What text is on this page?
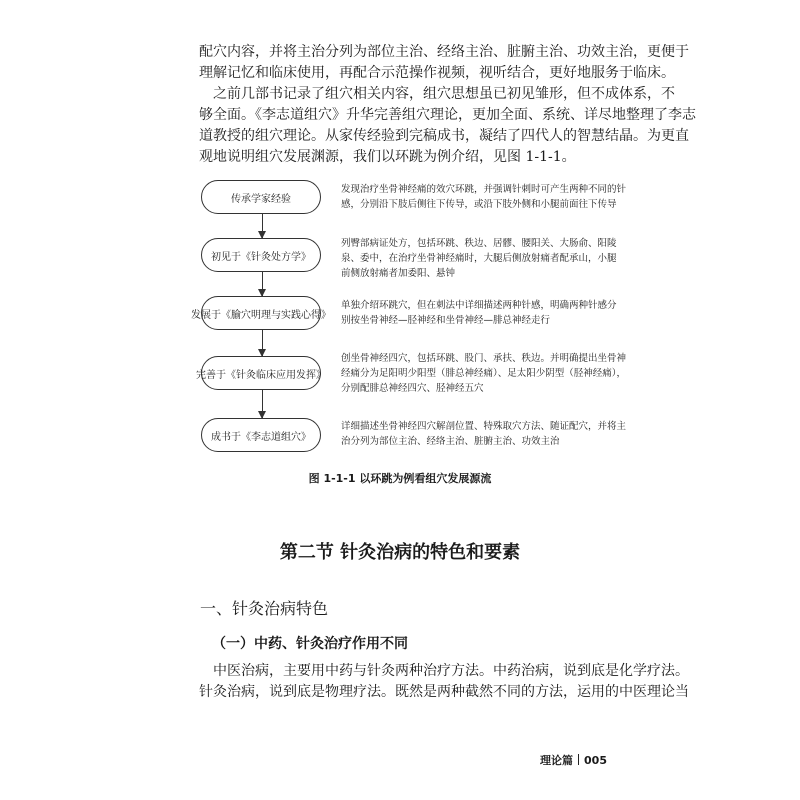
配穴内容，并将主治分列为部位主治、经络主治、脏腑主治、功效主治，更便于
理解记忆和临床使用，再配合示范操作视频，视听结合，更好地服务于临床。
之前几部书记录了组穴相关内容，组穴思想虽已初见雏形，但不成体系，不
够全面。《李志道组穴》升华完善组穴理论，更加全面、系统、详尽地整理了李志
道教授的组穴理论。从家传经验到完稿成书，凝结了四代人的智慧结晶。为更直
观地说明组穴发展渊源，我们以环跳为例介绍，见图 1-1-1。
传承学家经验
发现治疗坐骨神经痛的效穴环跳，并强调针刺时可产生两种不同的针
感，分别沿下肢后侧往下传导，或沿下肢外侧和小腿前面往下传导
初见于《针灸处方学》
列臀部病证处方，包括环跳、秩边、居髎、腰阳关、大肠俞、阳陵
泉、委中，在治疗坐骨神经痛时，大腿后侧放射痛者配承山，小腿
前侧放射痛者加委阳、悬钟
发展于《腧穴明理与实践心得》
单独介绍环跳穴，但在刺法中详细描述两种针感，明确两种针感分
别按坐骨神经—胫神经和坐骨神经—腓总神经走行
完善于《针灸临床应用发挥》
创坐骨神经四穴，包括环跳、股门、承扶、秩边。并明确提出坐骨神
经痛分为足阳明少阳型（腓总神经痛）、足太阳少阴型（胫神经痛），
分别配腓总神经四穴、胫神经五穴
成书于《李志道组穴》
详细描述坐骨神经四穴解剖位置、特殊取穴方法、随证配穴，并将主
治分列为部位主治、经络主治、脏腑主治、功效主治
图 1-1-1 以环跳为例看组穴发展源流
第二节 针灸治病的特色和要素
一、针灸治病特色
（一）中药、针灸治疗作用不同
中医治病，主要用中药与针灸两种治疗方法。中药治病，说到底是化学疗法。
针灸治病，说到底是物理疗法。既然是两种截然不同的方法，运用的中医理论当
理论篇 005
